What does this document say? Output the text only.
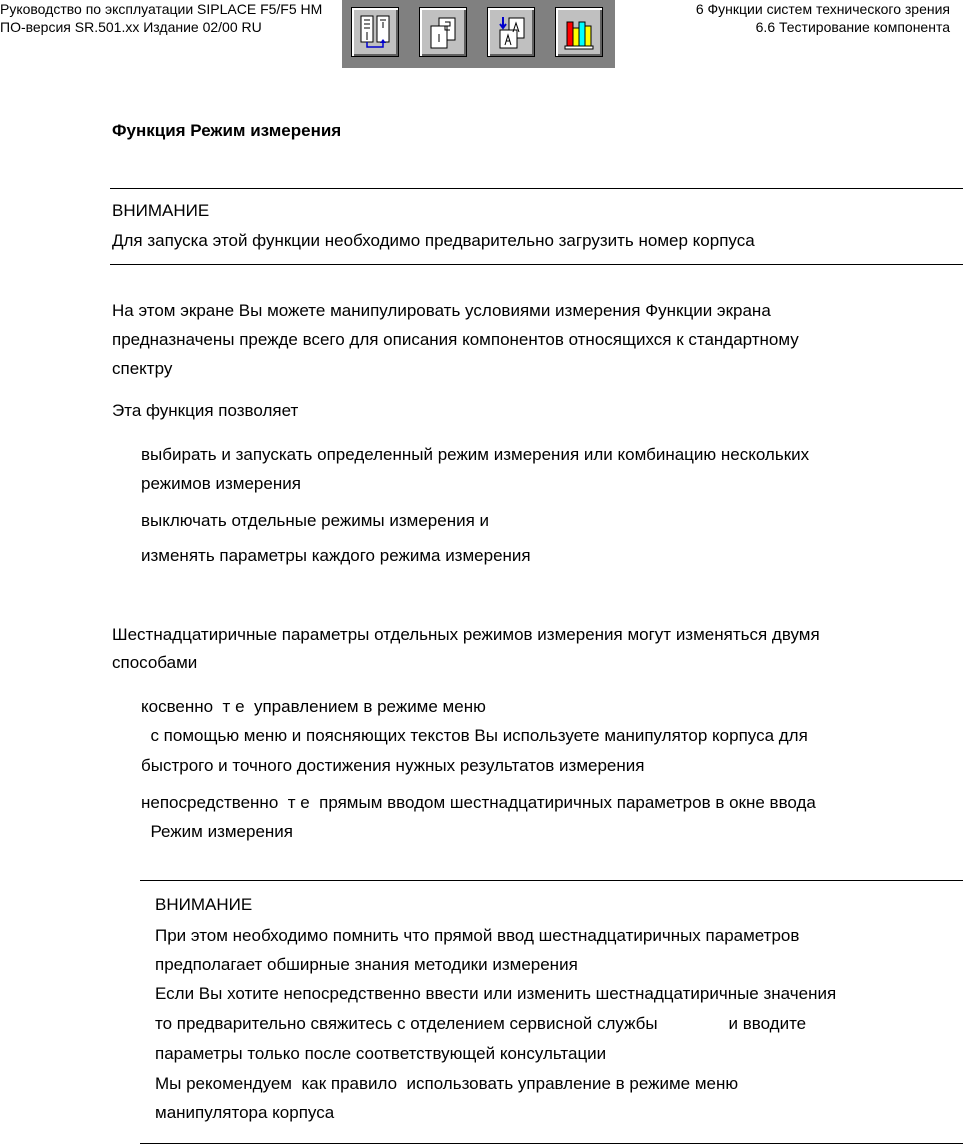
Руководство по эксплуатации SIPLACE F5/F5 HM
ПО-версия SR.501.xx Издание 02/00 RU
6 Функции систем технического зрения
6.6 Тестирование компонента
Функция Режим измерения
ВНИМАНИЕ
Для запуска этой функции необходимо предварительно загрузить номер корпуса
На этом экране Вы можете манипулировать условиями измерения Функции экрана
предназначены прежде всего для описания компонентов относящихся к стандартному
спектру
Эта функция позволяет
выбирать и запускать определенный режим измерения или комбинацию нескольких
режимов измерения
выключать отдельные режимы измерения и
изменять параметры каждого режима измерения
Шестнадцатиричные параметры отдельных режимов измерения могут изменяться двумя
способами
косвенно  т е  управлением в режиме меню
с помощью меню и поясняющих текстов Вы используете манипулятор корпуса для
быстрого и точного достижения нужных результатов измерения
непосредственно  т е  прямым вводом шестнадцатиричных параметров в окне ввода
Режим измерения
ВНИМАНИЕ
При этом необходимо помнить что прямой ввод шестнадцатиричных параметров
предполагает обширные знания методики измерения
Если Вы хотите непосредственно ввести или изменить шестнадцатиричные значения
то предварительно свяжитесь с отделением сервисной службы               и вводите
параметры только после соответствующей консультации
Мы рекомендуем  как правило  использовать управление в режиме меню
манипулятора корпуса
